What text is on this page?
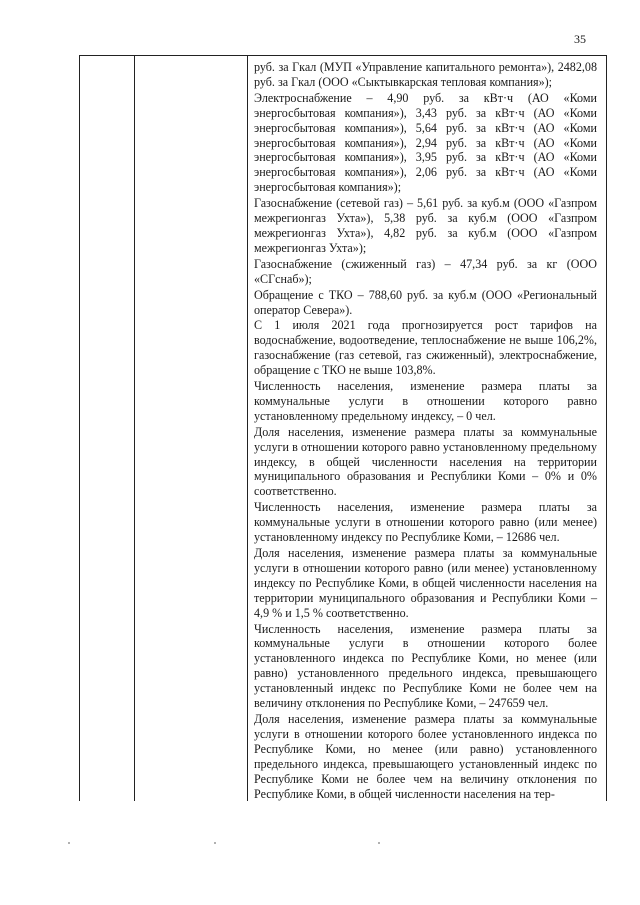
35

руб. за Гкал (МУП «Управление капитального ремонта»), 2482,08 руб. за Гкал (ООО «Сыктывкарская тепловая компания»);

Электроснабжение – 4,90 руб. за кВт·ч (АО «Коми энергосбытовая компания»), 3,43 руб. за кВт·ч (АО «Коми энергосбытовая компания»), 5,64 руб. за кВт·ч (АО «Коми энергосбытовая компания»), 2,94 руб. за кВт·ч (АО «Коми энергосбытовая компания»), 3,95 руб. за кВт·ч (АО «Коми энергосбытовая компания»), 2,06 руб. за кВт·ч (АО «Коми энергосбытовая компания»);

Газоснабжение (сетевой газ) – 5,61 руб. за куб.м (ООО «Газпром межрегионгаз Ухта»), 5,38 руб. за куб.м (ООО «Газпром межрегионгаз Ухта»), 4,82 руб. за куб.м (ООО «Газпром межрегионгаз Ухта»);

Газоснабжение (сжиженный газ) – 47,34 руб. за кг (ООО «СГснаб»);

Обращение с ТКО – 788,60 руб. за куб.м (ООО «Региональный оператор Севера»).

С 1 июля 2021 года прогнозируется рост тарифов на водоснабжение, водоотведение, теплоснабжение не выше 106,2%, газоснабжение (газ сетевой, газ сжиженный), электроснабжение, обращение с ТКО не выше 103,8%.

Численность населения, изменение размера платы за коммунальные услуги в отношении которого равно установленному предельному индексу, – 0 чел.

Доля населения, изменение размера платы за коммунальные услуги в отношении которого равно установленному предельному индексу, в общей численности населения на территории муниципального образования и Республики Коми – 0% и 0% соответственно.

Численность населения, изменение размера платы за коммунальные услуги в отношении которого равно (или менее) установленному индексу по Республике Коми, – 12686 чел.

Доля населения, изменение размера платы за коммунальные услуги в отношении которого равно (или менее) установленному индексу по Республике Коми, в общей численности населения на территории муниципального образования и Республики Коми – 4,9 % и 1,5 % соответственно.

Численность населения, изменение размера платы за коммунальные услуги в отношении которого более установленного индекса по Республике Коми, но менее (или равно) установленного предельного индекса, превышающего установленный индекс по Республике Коми не более чем на величину отклонения по Республике Коми, – 247659 чел.

Доля населения, изменение размера платы за коммунальные услуги в отношении которого более установленного индекса по Республике Коми, но менее (или равно) установленного предельного индекса, превышающего установленный индекс по Республике Коми не более чем на величину отклонения по Республике Коми, в общей численности населения на тер-
